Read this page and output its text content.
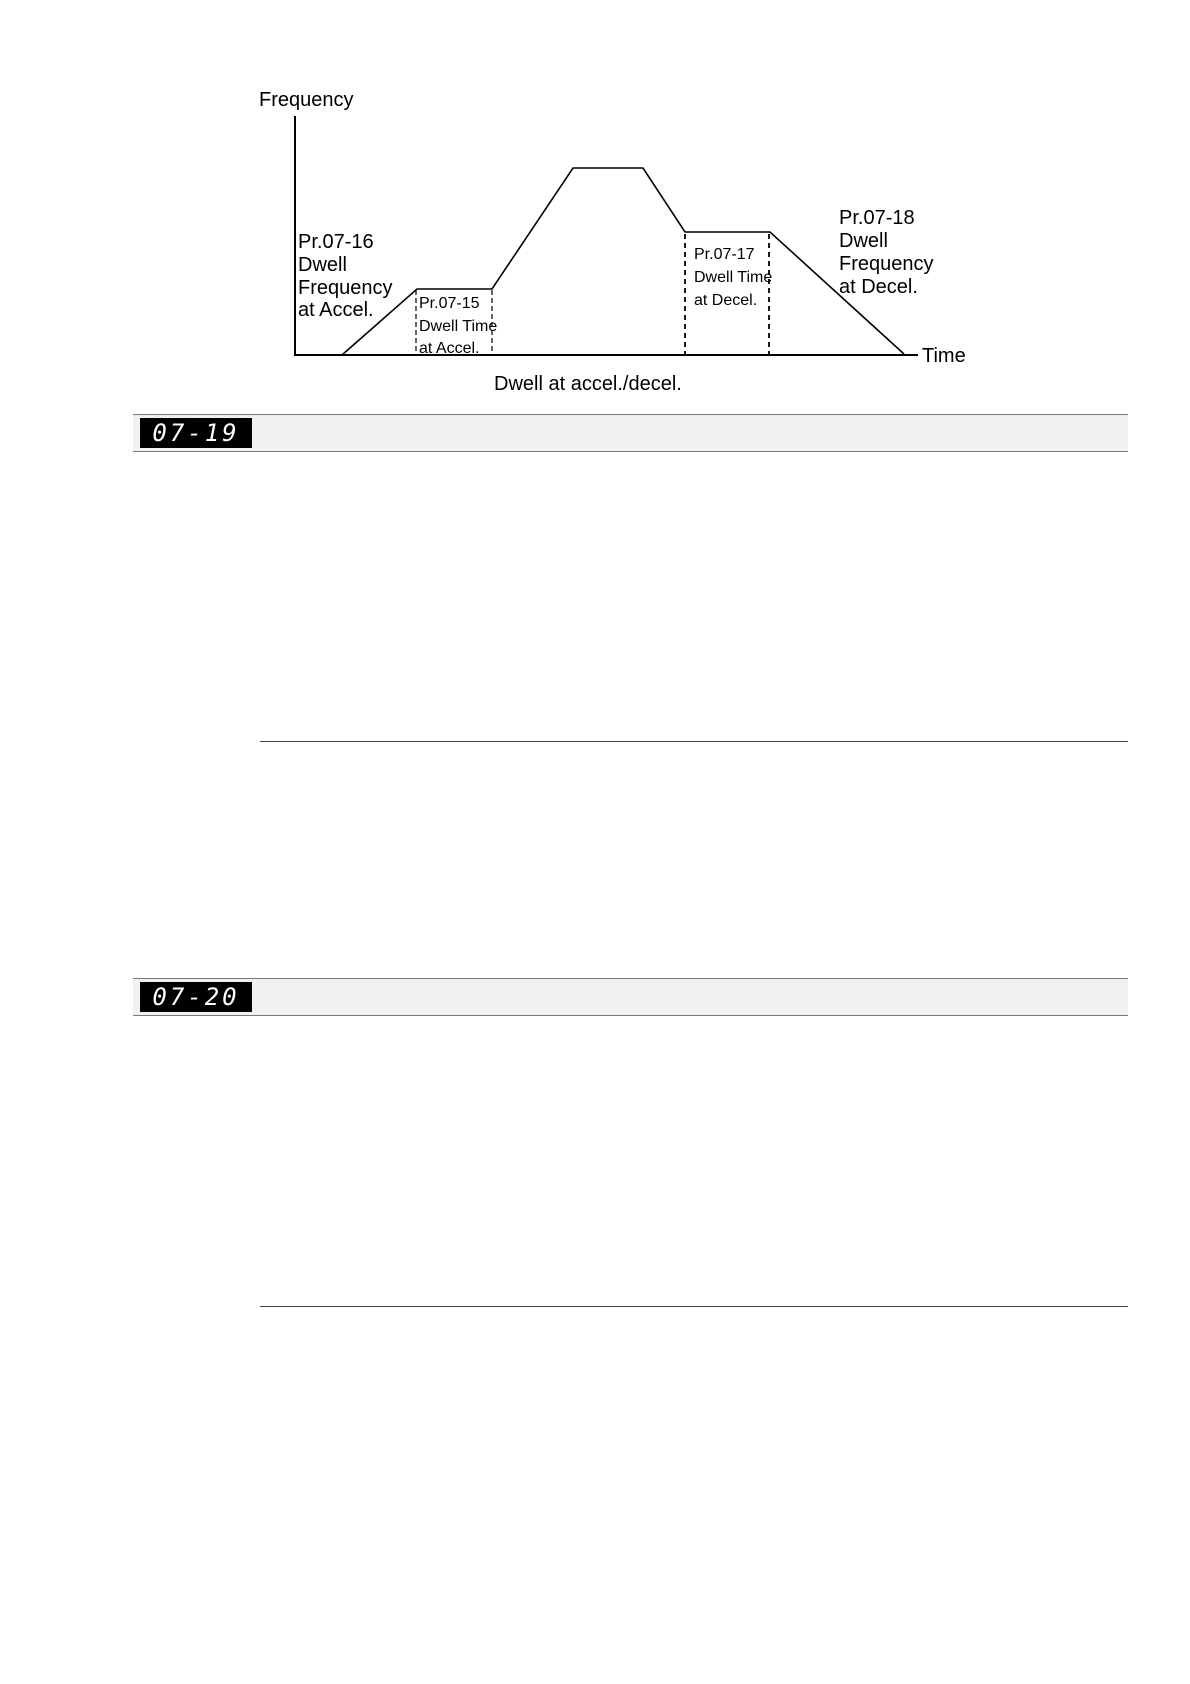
Frequency
Time
Pr.07-16 Dwell Frequency at Accel.	Pr.07-15 Dwell Time at Accel.
Pr.07-17 Dwell Time at Decel.
Pr.07-18 Dwell Frequency at Decel.
Dwell at accel./decel.
07-19
07-20
